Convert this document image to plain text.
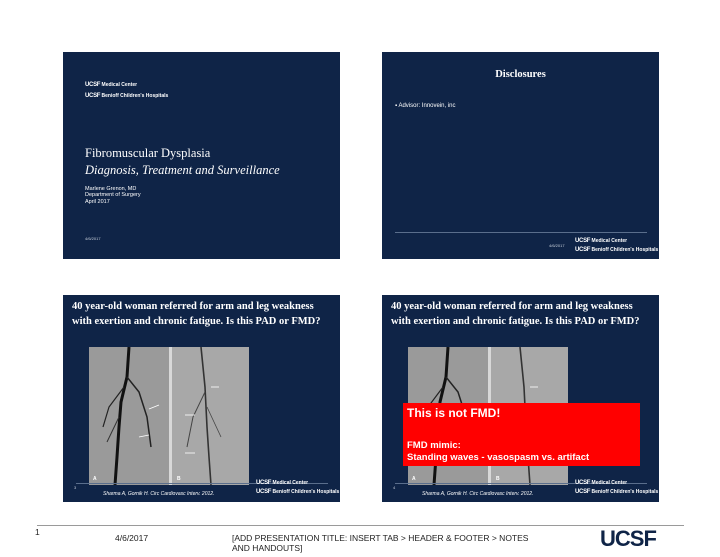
UCSF Medical Center
UCSF Benioff Children's Hospitals
Fibromuscular Dysplasia
Diagnosis, Treatment and Surveillance
Marlene Grenon, MD
Department of Surgery
April 2017
4/6/2017
Disclosures
▪ Advisor: Innovein, inc
4/6/2017
UCSF Medical Center
UCSF Benioff Children's Hospitals
40 year-old woman referred for arm and leg weakness with exertion and chronic fatigue. Is this PAD or FMD?
A	B
3
Sharma A, Gornik H. Circ Cardiovasc Interv. 2012.
UCSF Medical Center
UCSF Benioff Children's Hospitals
40 year-old woman referred for arm and leg weakness with exertion and chronic fatigue. Is this PAD or FMD?
A	B
This is not FMD!
FMD mimic:
Standing waves - vasospasm vs. artifact
4
Sharma A, Gornik H. Circ Cardiovasc Interv. 2012.
UCSF Medical Center
UCSF Benioff Children's Hospitals
1
4/6/2017	[ADD PRESENTATION TITLE: INSERT TAB > HEADER & FOOTER > NOTES
AND HANDOUTS]	UCSF
